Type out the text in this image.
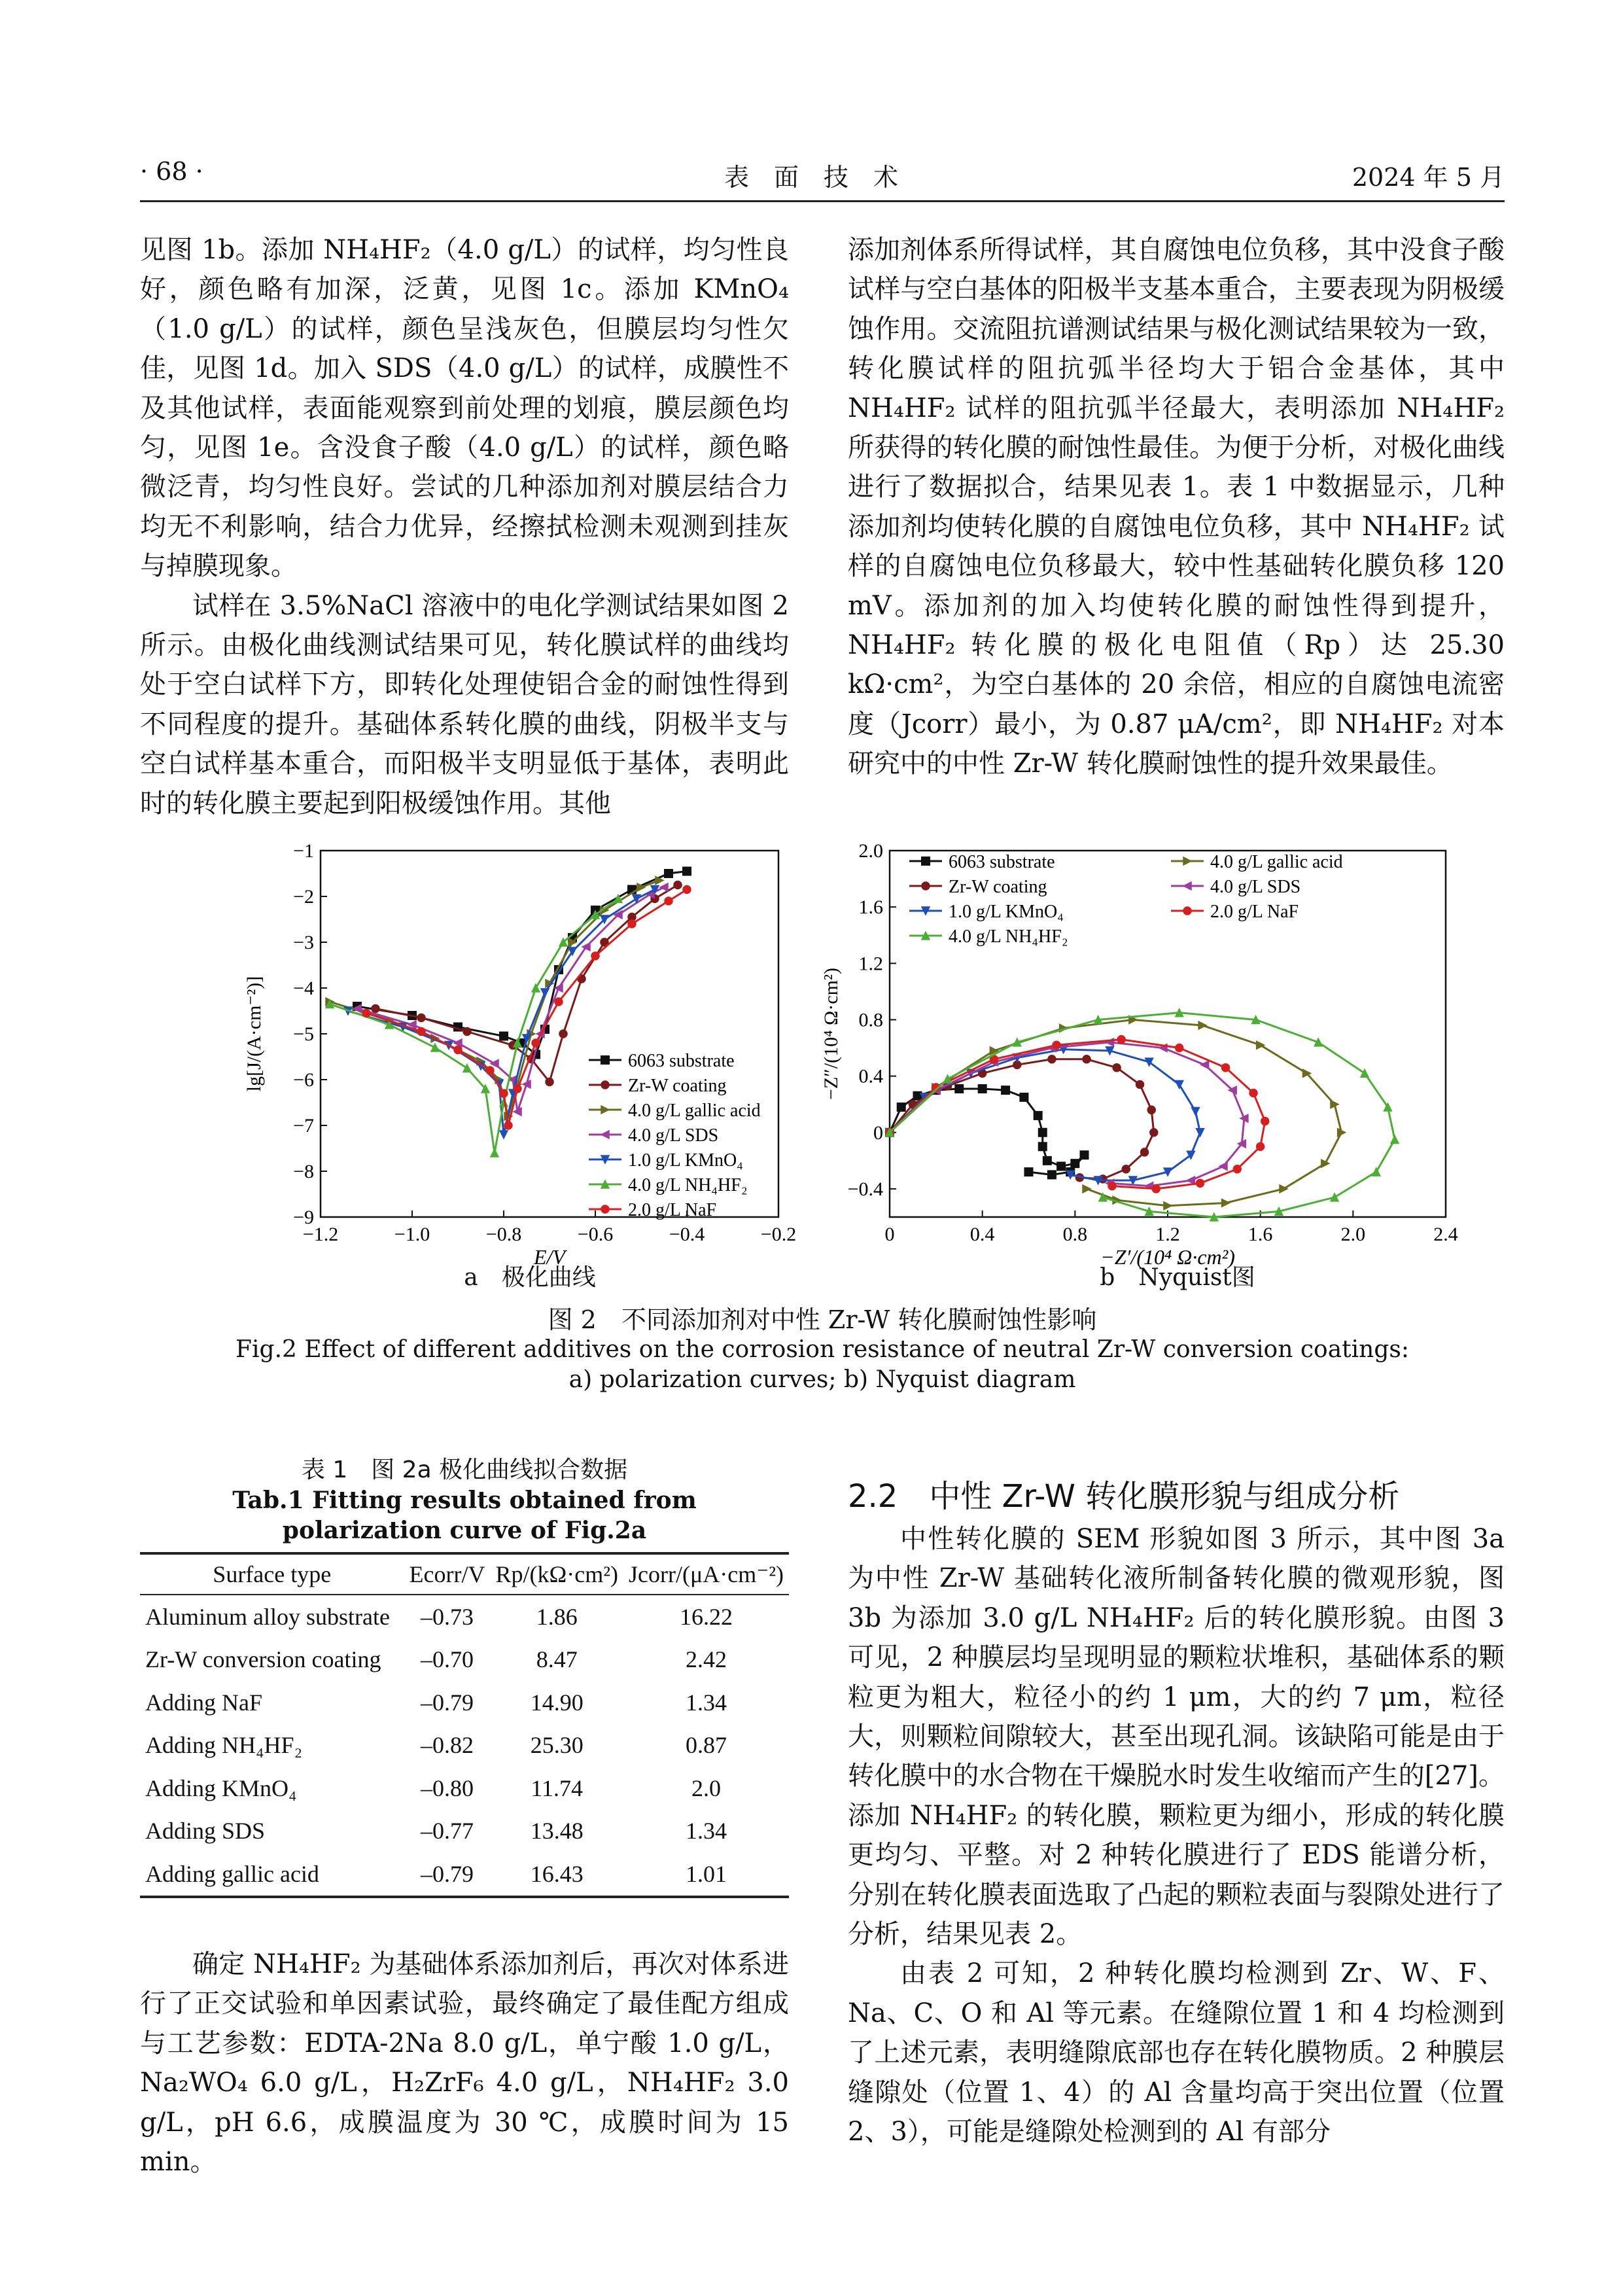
· 68 ·	表　面　技　术	2024 年 5 月

见图 1b。添加 NH₄HF₂（4.0 g/L）的试样，均匀性良好，颜色略有加深，泛黄，见图 1c。添加 KMnO₄（1.0 g/L）的试样，颜色呈浅灰色，但膜层均匀性欠佳，见图 1d。加入 SDS（4.0 g/L）的试样，成膜性不及其他试样，表面能观察到前处理的划痕，膜层颜色均匀，见图 1e。含没食子酸（4.0 g/L）的试样，颜色略微泛青，均匀性良好。尝试的几种添加剂对膜层结合力均无不利影响，结合力优异，经擦拭检测未观测到挂灰与掉膜现象。

试样在 3.5%NaCl 溶液中的电化学测试结果如图 2 所示。由极化曲线测试结果可见，转化膜试样的曲线均处于空白试样下方，即转化处理使铝合金的耐蚀性得到不同程度的提升。基础体系转化膜的曲线，阴极半支与空白试样基本重合，而阳极半支明显低于基体，表明此时的转化膜主要起到阳极缓蚀作用。其他

添加剂体系所得试样，其自腐蚀电位负移，其中没食子酸试样与空白基体的阳极半支基本重合，主要表现为阴极缓蚀作用。交流阻抗谱测试结果与极化测试结果较为一致，转化膜试样的阻抗弧半径均大于铝合金基体，其中 NH₄HF₂ 试样的阻抗弧半径最大，表明添加 NH₄HF₂ 所获得的转化膜的耐蚀性最佳。为便于分析，对极化曲线进行了数据拟合，结果见表 1。表 1 中数据显示，几种添加剂均使转化膜的自腐蚀电位负移，其中 NH₄HF₂ 试样的自腐蚀电位负移最大，较中性基础转化膜负移 120 mV。添加剂的加入均使转化膜的耐蚀性得到提升，NH₄HF₂ 转化膜的极化电阻值（Rp）达 25.30 kΩ·cm²，为空白基体的 20 余倍，相应的自腐蚀电流密度（Jcorr）最小，为 0.87 μA/cm²，即 NH₄HF₂ 对本研究中的中性 Zr-W 转化膜耐蚀性的提升效果最佳。

−1.2	−1.0	−0.8	−0.6	−0.4	−0.2
−1
−2
−3
−4
−5
−6
−7
−8
−9
E/V
lg[J/(A·cm⁻²)]	6063 substrate
Zr-W coating
4.0 g/L gallic acid
4.0 g/L SDS
1.0 g/L KMnO₄
4.0 g/L NH₄HF₂
2.0 g/L NaF
a　极化曲线
0	0.4	0.8	1.2	1.6	2.0	2.4
2.0
1.6
1.2
0.8
0.4
0
−0.4
−Z′/(10⁴ Ω·cm²)
−Z″/(10⁴ Ω·cm²)
6063 substrate
Zr-W coating
1.0 g/L KMnO₄
4.0 g/L gallic acid
4.0 g/L SDS
2.0 g/L NaF
4.0 g/L NH₄HF₂
b　Nyquist图
图 2　不同添加剂对中性 Zr-W 转化膜耐蚀性影响
Fig.2 Effect of different additives on the corrosion resistance of neutral Zr-W conversion coatings:
a) polarization curves; b) Nyquist diagram
表 1　图 2a 极化曲线拟合数据
Tab.1 Fitting results obtained from
polarization curve of Fig.2a
Surface type	Ecorr/V	Rp/(kΩ·cm²)	Jcorr/(μA·cm⁻²)
Aluminum alloy substrate	–0.73	1.86	16.22
Zr-W conversion coating	–0.70	8.47	2.42
Adding NaF	–0.79	14.90	1.34
Adding NH₄HF₂	–0.82	25.30	0.87
Adding KMnO₄	–0.80	11.74	2.0
Adding SDS	–0.77	13.48	1.34
Adding gallic acid	–0.79	16.43	1.01

确定 NH₄HF₂ 为基础体系添加剂后，再次对体系进行了正交试验和单因素试验，最终确定了最佳配方组成与工艺参数：EDTA-2Na 8.0 g/L，单宁酸 1.0 g/L，Na₂WO₄ 6.0 g/L，H₂ZrF₆ 4.0 g/L，NH₄HF₂ 3.0 g/L，pH 6.6，成膜温度为 30 ℃，成膜时间为 15 min。

2.2　中性 Zr-W 转化膜形貌与组成分析

中性转化膜的 SEM 形貌如图 3 所示，其中图 3a 为中性 Zr-W 基础转化液所制备转化膜的微观形貌，图 3b 为添加 3.0 g/L NH₄HF₂ 后的转化膜形貌。由图 3 可见，2 种膜层均呈现明显的颗粒状堆积，基础体系的颗粒更为粗大，粒径小的约 1 μm，大的约 7 μm，粒径大，则颗粒间隙较大，甚至出现孔洞。该缺陷可能是由于转化膜中的水合物在干燥脱水时发生收缩而产生的[27]。添加 NH₄HF₂ 的转化膜，颗粒更为细小，形成的转化膜更均匀、平整。对 2 种转化膜进行了 EDS 能谱分析，分别在转化膜表面选取了凸起的颗粒表面与裂隙处进行了分析，结果见表 2。

由表 2 可知，2 种转化膜均检测到 Zr、W、F、Na、C、O 和 Al 等元素。在缝隙位置 1 和 4 均检测到了上述元素，表明缝隙底部也存在转化膜物质。2 种膜层缝隙处（位置 1、4）的 Al 含量均高于突出位置（位置 2、3），可能是缝隙处检测到的 Al 有部分
